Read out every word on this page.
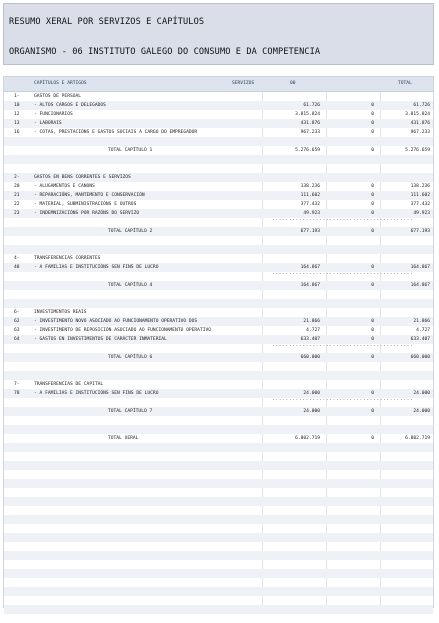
RESUMO XERAL POR SERVIZOS E CAPÍTULOS
ORGANISMO - 06 INSTITUTO GALEGO DO CONSUMO E DA COMPETENCIA
CAPÍTULOS E ARTIGOS	SERVIZOS	00	TOTAL
1-	GASTOS DE PERSOAL
10	- ALTOS CARGOS E DELEGADOS	61.726	0	61.726
12	- FUNCIONARIOS	3.815.824	0	3.815.824
13	- LABORAIS	431.876	0	431.876
16	- COTAS, PRESTACIÓNS E GASTOS SOCIAIS A CARGO DO EMPREGADOR	967.233	0	967.233
TOTAL CAPÍTULO 1	5.276.659	0	5.276.659
2-	GASTOS EN BENS CORRENTES E SERVIZOS
20	- ALUGAMENTOS E CANONS	138.236	0	138.236
21	- REPARACIÓNS, MANTEMENTO E CONSERVACIÓN	111.602	0	111.602
22	- MATERIAL, SUBMINISTRACIÓNS E OUTROS	377.432	0	377.432
23	- INDEMNIZACIÓNS POR RAZÓNS DO SERVIZO	49.923	0	49.923
..........................................
TOTAL CAPÍTULO 2	677.193	0	677.193
4-	TRANSFERENCIAS CORRENTES
48	- A FAMILIAS E INSTITUCIÓNS SEN FINS DE LUCRO	164.867	0	164.867
..........................................
TOTAL CAPÍTULO 4	164.867	0	164.867
6-	INVESTIMENTOS REAIS
62	- INVESTIMENTO NOVO ASOCIADO AO FUNCIONAMENTO OPERATIVO DOS	21.866	0	21.866
63	- INVESTIMENTO DE REPOSICIÓN ASOCIADO AO FUNCIONAMENTO OPERATIVO	4.727	0	4.727
64	- GASTOS EN INVESTIMENTOS DE CARÁCTER INMATERIAL	633.407	0	633.407
..........................................
TOTAL CAPÍTULO 6	660.000	0	660.000
7-	TRANSFERENCIAS DE CAPITAL
78	- A FAMILIAS E INSTITUCIÓNS SEN FINS DE LUCRO	24.000	0	24.000
..........................................
TOTAL CAPÍTULO 7	24.000	0	24.000
TOTAL XERAL	6.802.719	0	6.802.719
